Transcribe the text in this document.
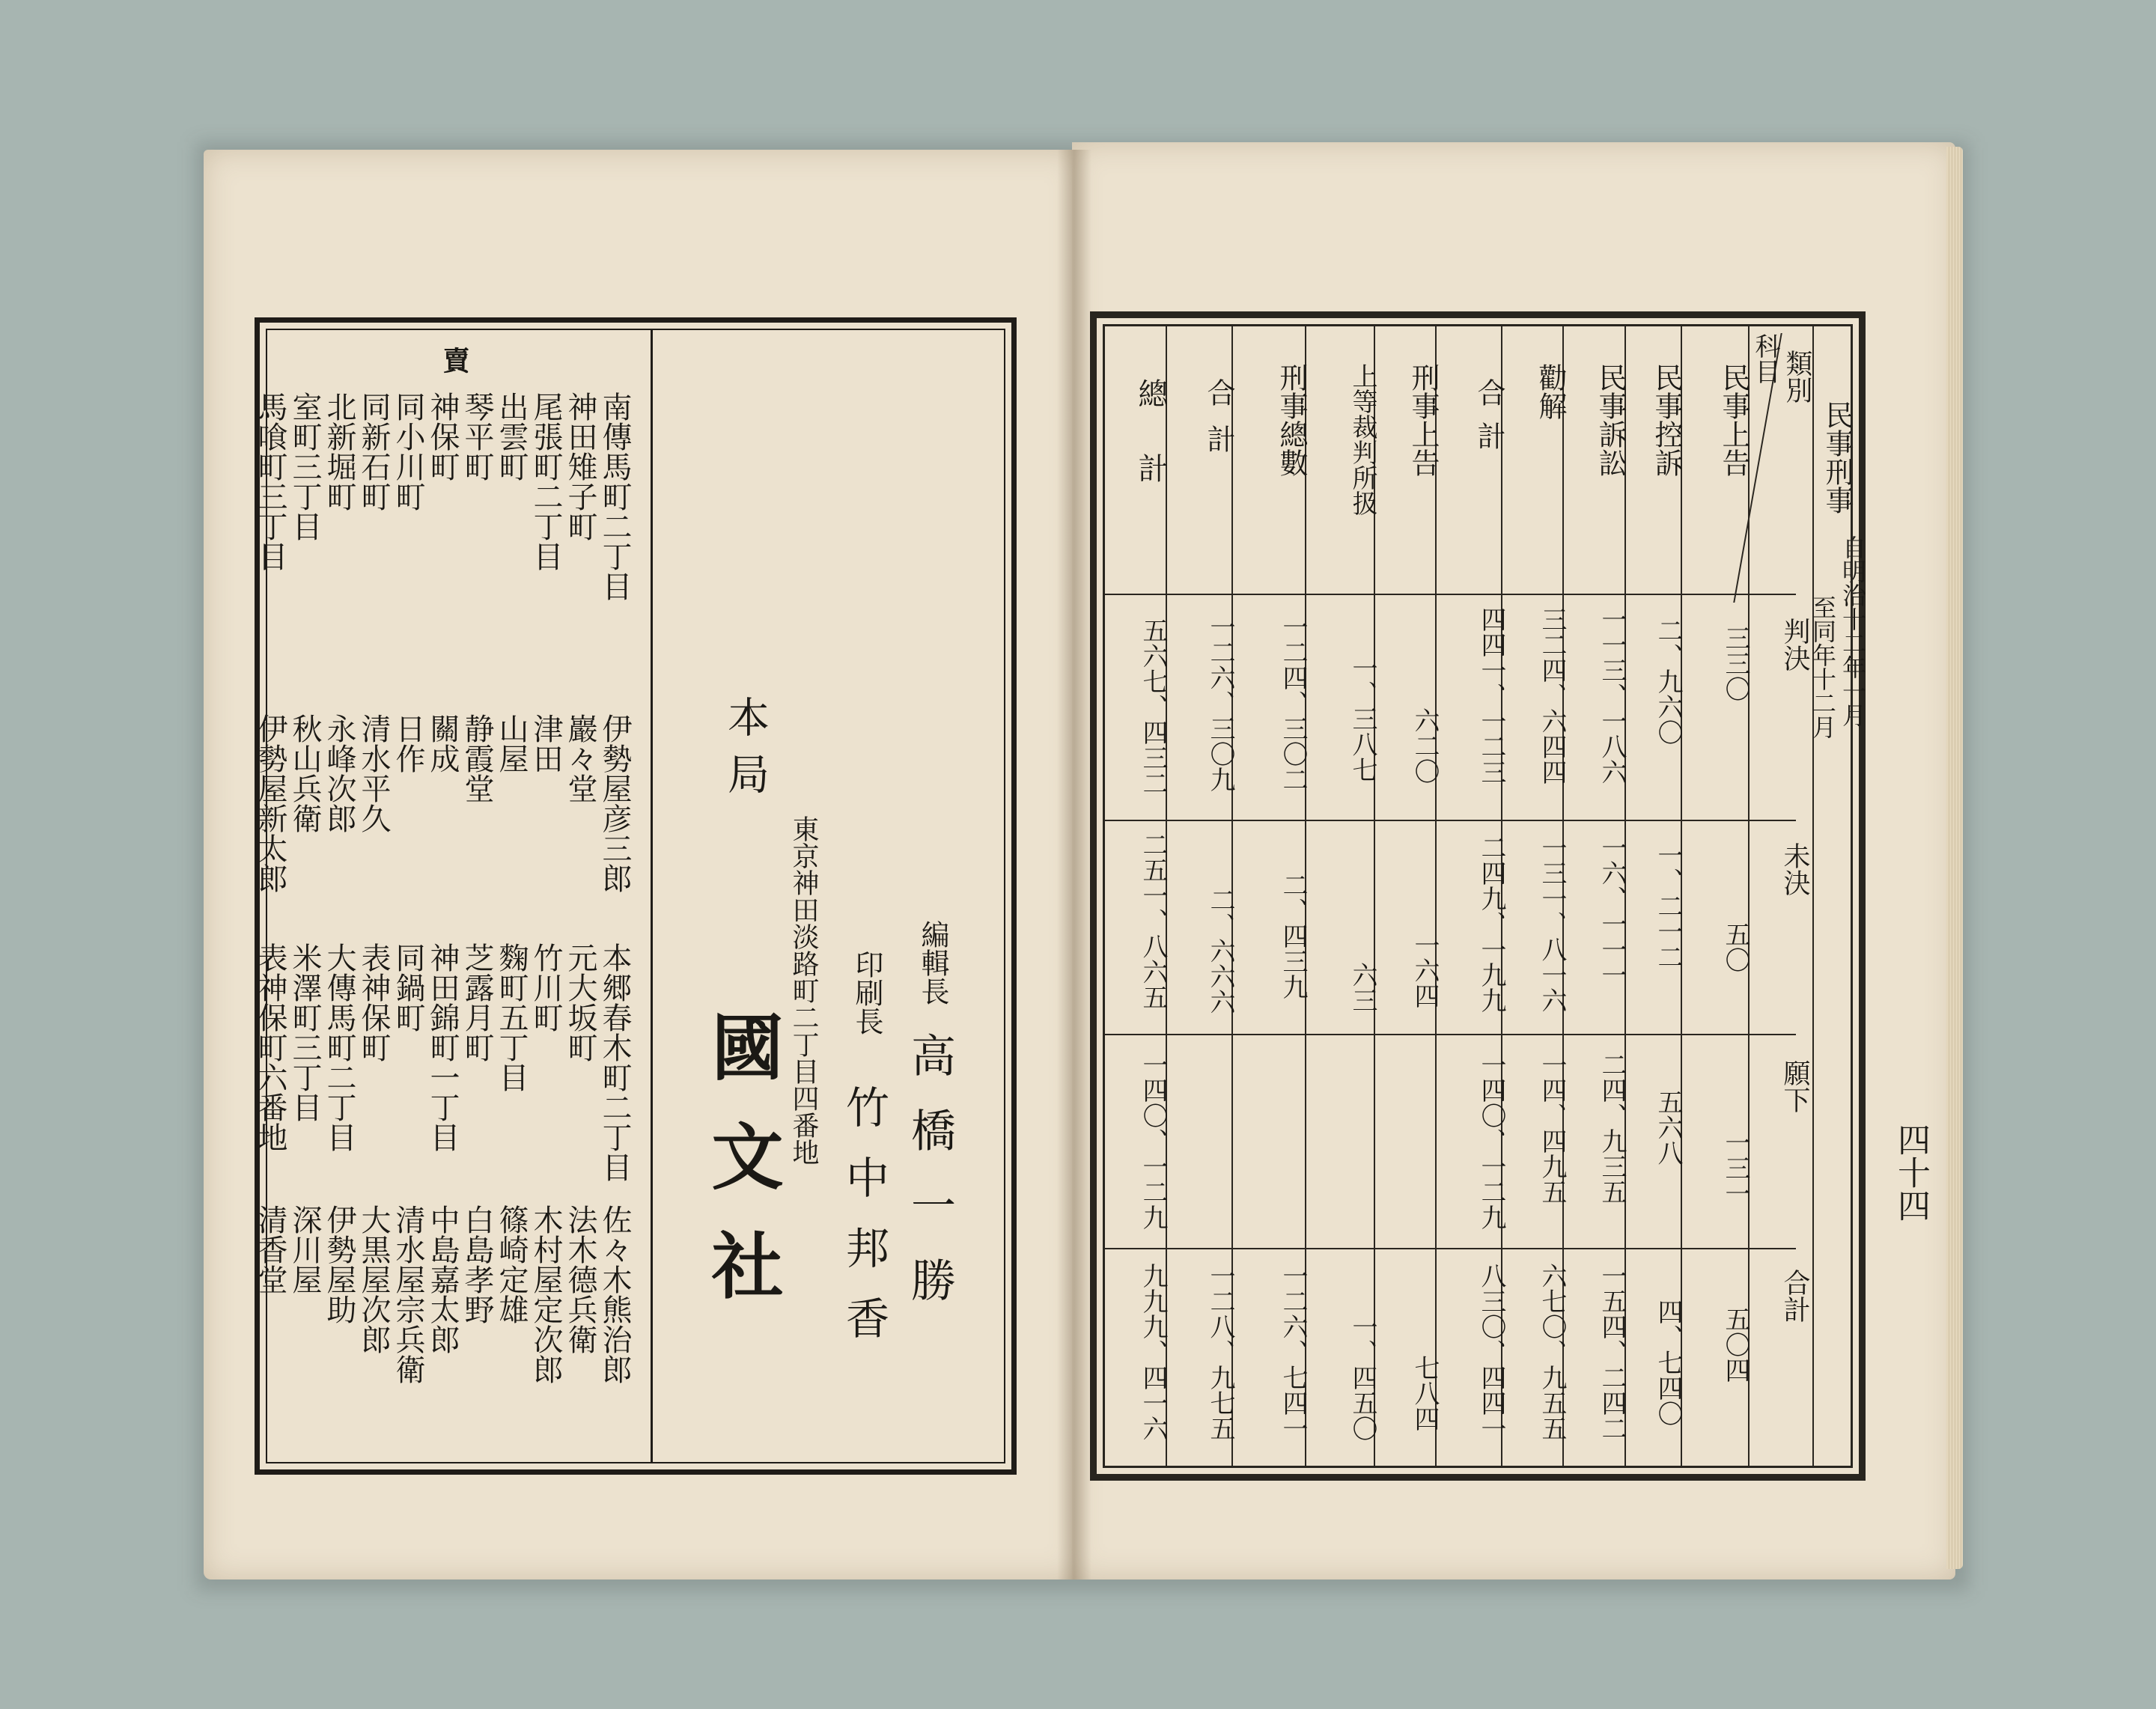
賣
南傳馬町二丁目
神田雉子町
尾張町二丁目
出雲町
琴平町
神保町
同小川町
同新石町
北新堀町
室町三丁目
馬喰町三丁目
伊勢屋彦三郎
巖々堂
津田
山屋
静霞堂
關成
日作
清水平久
永峰次郎
秋山兵衛
伊勢屋新太郎
本郷春木町二丁目
元大坂町
竹川町
麴町五丁目
芝露月町
神田錦町一丁目
同鍋町
表神保町
大傳馬町二丁目
米澤町三丁目
表神保町六番地
佐々木熊治郎
法木德兵衛
木村屋定次郎
篠崎定雄
白島孝野
中島嘉太郎
清水屋宗兵衛
大黒屋次郎
伊勢屋助
深川屋
清香堂
編輯長
高橋一勝
印刷長
竹中邦香
東京神田淡路町二丁目四番地
本局
國文社
民事刑事
自明治十二年一月
至同年十二月
類別
科目
判決
未決
願下
合計
民事上告
民事控訴
民事訴訟
勸解
合計
刑事上告
上等裁判所扱
刑事總數
合計
總計
三三〇
五〇
一三一
五〇四
二、九六〇
一、二一二
五六八
四、七四〇
一一三、一八六
一六、一一一
二四、九三五
一五四、二四二
三二四、六四四
一三一、八一六
一四、四九五
六七〇、九五五
四四一、一二三
二四九、一九九
一四〇、一二九
八三〇、四四一
六二〇
一六四
七八四
一、三八七
六三
一、四五〇
一二四、三〇二
二、四三九
一二六、七四一
一二六、三〇九
二、六六六
一二八、九七五
五六七、四三二
二五一、八六五
一四〇、一二九
九九九、四一六
四十四
